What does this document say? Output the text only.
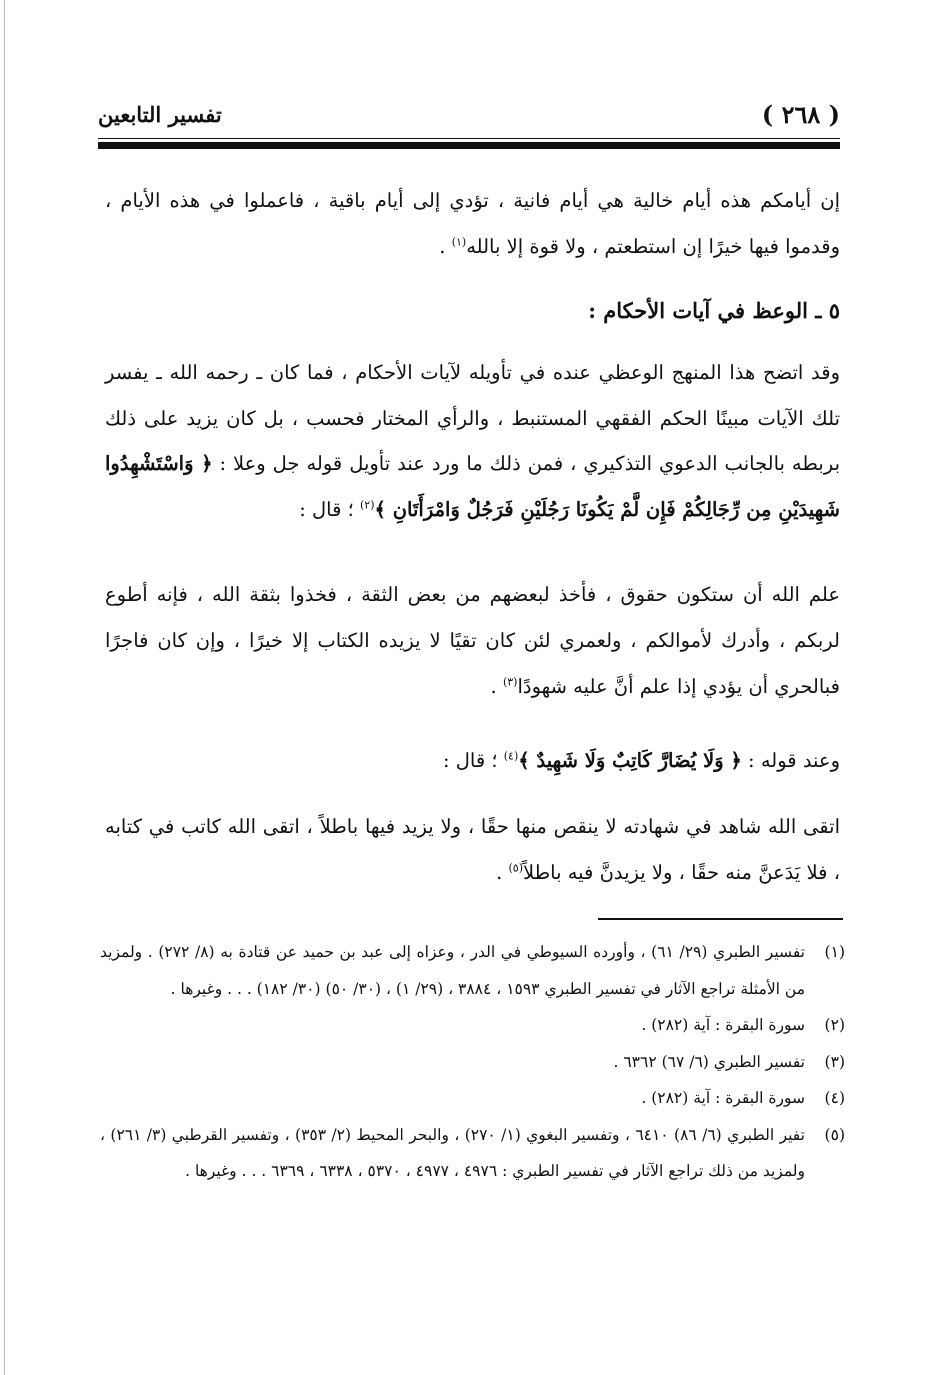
( ٢٦٨ )
تفسير التابعين
إن أيامكم هذه أيام خالية هي أيام فانية ، تؤدي إلى أيام باقية ، فاعملوا في هذه الأيام ، وقدموا فيها خيرًا إن استطعتم ، ولا قوة إلا بالله$^{(١)}$ .
٥ ـ الوعظ في آيات الأحكام :
وقد اتضح هذا المنهج الوعظي عنده في تأويله لآيات الأحكام ، فما كان ـ رحمه الله ـ يفسر تلك الآيات مبينًا الحكم الفقهي المستنبط ، والرأي المختار فحسب ، بل كان يزيد على ذلك بربطه بالجانب الدعوي التذكيري ، فمن ذلك ما ورد عند تأويل قوله جل وعلا : ﴿ وَاسْتَشْهِدُوا شَهِيدَيْنِ مِن رِّجَالِكُمْ فَإِن لَّمْ يَكُونَا رَجُلَيْنِ فَرَجُلٌ وَامْرَأَتَانِ ﴾$^{(٢)}$ ؛ قال :
علم الله أن ستكون حقوق ، فأخذ لبعضهم من بعض الثقة ، فخذوا بثقة الله ، فإنه أطوع لربكم ، وأدرك لأموالكم ، ولعمري لئن كان تقيًا لا يزيده الكتاب إلا خيرًا ، وإن كان فاجرًا فبالحري أن يؤدي إذا علم أنَّ عليه شهودًا$^{(٣)}$ .
وعند قوله : ﴿ وَلَا يُضَارَّ كَاتِبٌ وَلَا شَهِيدٌ ﴾$^{(٤)}$ ؛ قال :
اتقى الله شاهد في شهادته لا ينقص منها حقًا ، ولا يزيد فيها باطلاً ، اتقى الله كاتب في كتابه ، فلا يَدَعنَّ منه حقًا ، ولا يزيدنَّ فيه باطلاً$^{(٥)}$ .
(١)
تفسير الطبري (٢٩/ ٦١) ، وأورده السيوطي في الدر ، وعزاه إلى عبد بن حميد عن قتادة به (٨/ ٢٧٢) . ولمزيد من الأمثلة تراجع الآثار في تفسير الطبري ١٥٩٣ ، ٣٨٨٤ ، (٢٩/ ١) ، (٣٠/ ٥٠) (٣٠/ ١٨٢) . . . وغيرها .
(٢)
سورة البقرة : آية (٢٨٢) .
(٣)
تفسير الطبري (٦/ ٦٧) ٦٣٦٢ .
(٤)
سورة البقرة : آية (٢٨٢) .
(٥)
تفير الطبري (٦/ ٨٦) ٦٤١٠ ، وتفسير البغوي (١/ ٢٧٠) ، والبحر المحيط (٢/ ٣٥٣) ، وتفسير القرطبي (٣/ ٢٦١) ، ولمزيد من ذلك تراجع الآثار في تفسير الطبري : ٤٩٧٦ ، ٤٩٧٧ ، ٥٣٧٠ ، ٦٣٣٨ ، ٦٣٦٩ . . . وغيرها .
